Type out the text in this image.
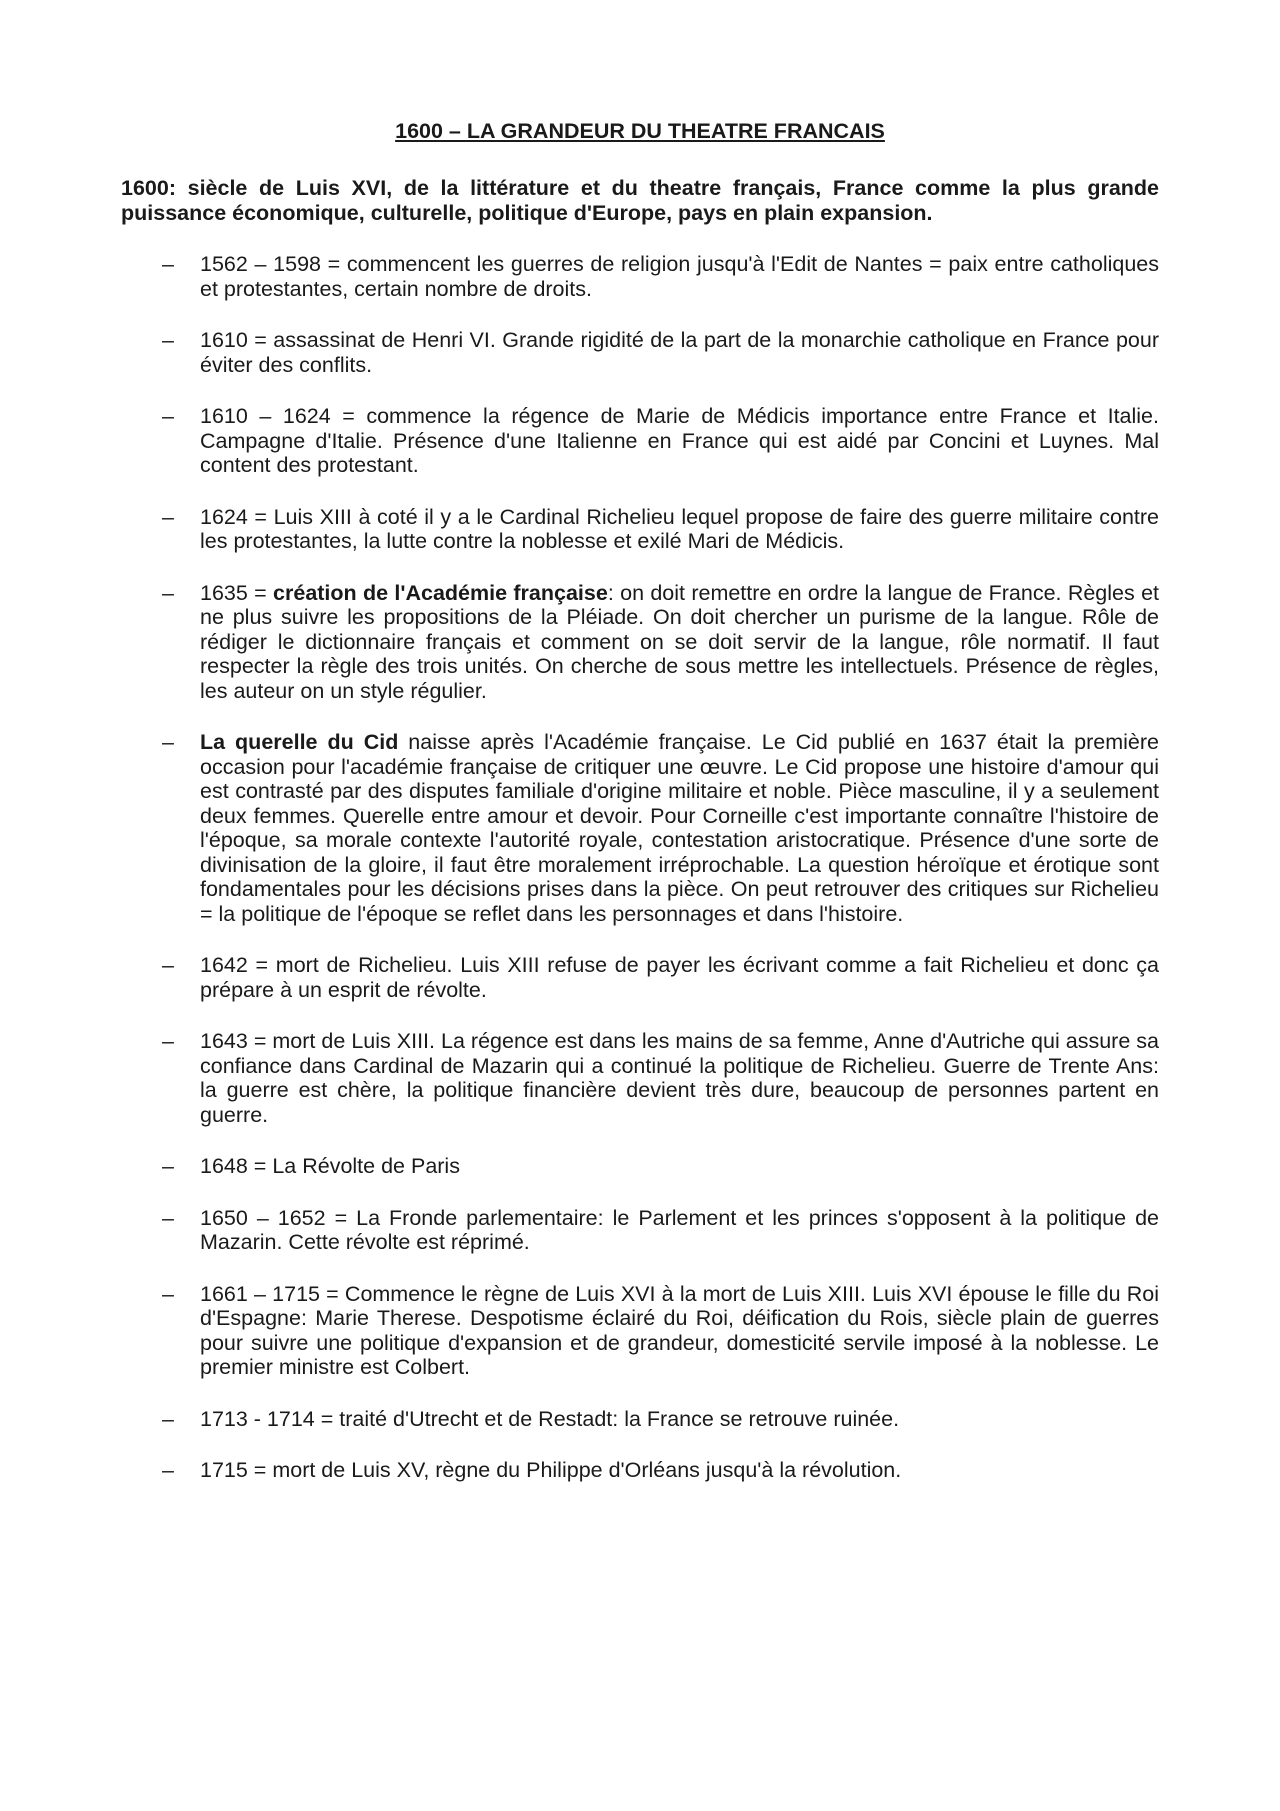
1600 – LA GRANDEUR DU THEATRE FRANCAIS

1600: siècle de Luis XVI, de la littérature et du theatre français, France comme la plus grande puissance économique, culturelle, politique d'Europe, pays en plain expansion.

–	1562 – 1598 = commencent les guerres de religion jusqu'à l'Edit de Nantes = paix entre catholiques et protestantes, certain nombre de droits.
–	1610 = assassinat de Henri VI. Grande rigidité de la part de la monarchie catholique en France pour éviter des conflits.
–	1610 – 1624 = commence la régence de Marie de Médicis importance entre France et Italie. Campagne d'Italie. Présence d'une Italienne en France qui est aidé par Concini et Luynes. Mal content des protestant.
–	1624 = Luis XIII à coté il y a le Cardinal Richelieu lequel propose de faire des guerre militaire contre les protestantes, la lutte contre la noblesse et exilé Mari de Médicis.
–	1635 = création de l'Académie française: on doit remettre en ordre la langue de France. Règles et ne plus suivre les propositions de la Pléiade. On doit chercher un purisme de la langue. Rôle de rédiger le dictionnaire français et comment on se doit servir de la langue, rôle normatif. Il faut respecter la règle des trois unités. On cherche de sous mettre les intellectuels. Présence de règles, les auteur on un style régulier.
–	La querelle du Cid naisse après l'Académie française. Le Cid publié en 1637 était la première occasion pour l'académie française de critiquer une œuvre. Le Cid propose une histoire d'amour qui est contrasté par des disputes familiale d'origine militaire et noble. Pièce masculine, il y a seulement deux femmes. Querelle entre amour et devoir. Pour Corneille c'est importante connaître l'histoire de l'époque, sa morale contexte l'autorité royale, contestation aristocratique. Présence d'une sorte de divinisation de la gloire, il faut être moralement irréprochable. La question héroïque et érotique sont fondamentales pour les décisions prises dans la pièce. On peut retrouver des critiques sur Richelieu = la politique de l'époque se reflet dans les personnages et dans l'histoire.
–	1642 = mort de Richelieu. Luis XIII refuse de payer les écrivant comme a fait Richelieu et donc ça prépare à un esprit de révolte.
–	1643 = mort de Luis XIII. La régence est dans les mains de sa femme, Anne d'Autriche qui assure sa confiance dans Cardinal de Mazarin qui a continué la politique de Richelieu. Guerre de Trente Ans: la guerre est chère, la politique financière devient très dure, beaucoup de personnes partent en guerre.
–	1648 = La Révolte de Paris
–	1650 – 1652 = La Fronde parlementaire: le Parlement et les princes s'opposent à la politique de Mazarin. Cette révolte est réprimé.
–	1661 – 1715 = Commence le règne de Luis XVI à la mort de Luis XIII. Luis XVI épouse le fille du Roi d'Espagne: Marie Therese. Despotisme éclairé du Roi, déification du Rois, siècle plain de guerres pour suivre une politique d'expansion et de grandeur, domesticité servile imposé à la noblesse. Le premier ministre est Colbert.
–	1713 - 1714 = traité d'Utrecht et de Restadt: la France se retrouve ruinée.
–	1715 = mort de Luis XV, règne du Philippe d'Orléans jusqu'à la révolution.
